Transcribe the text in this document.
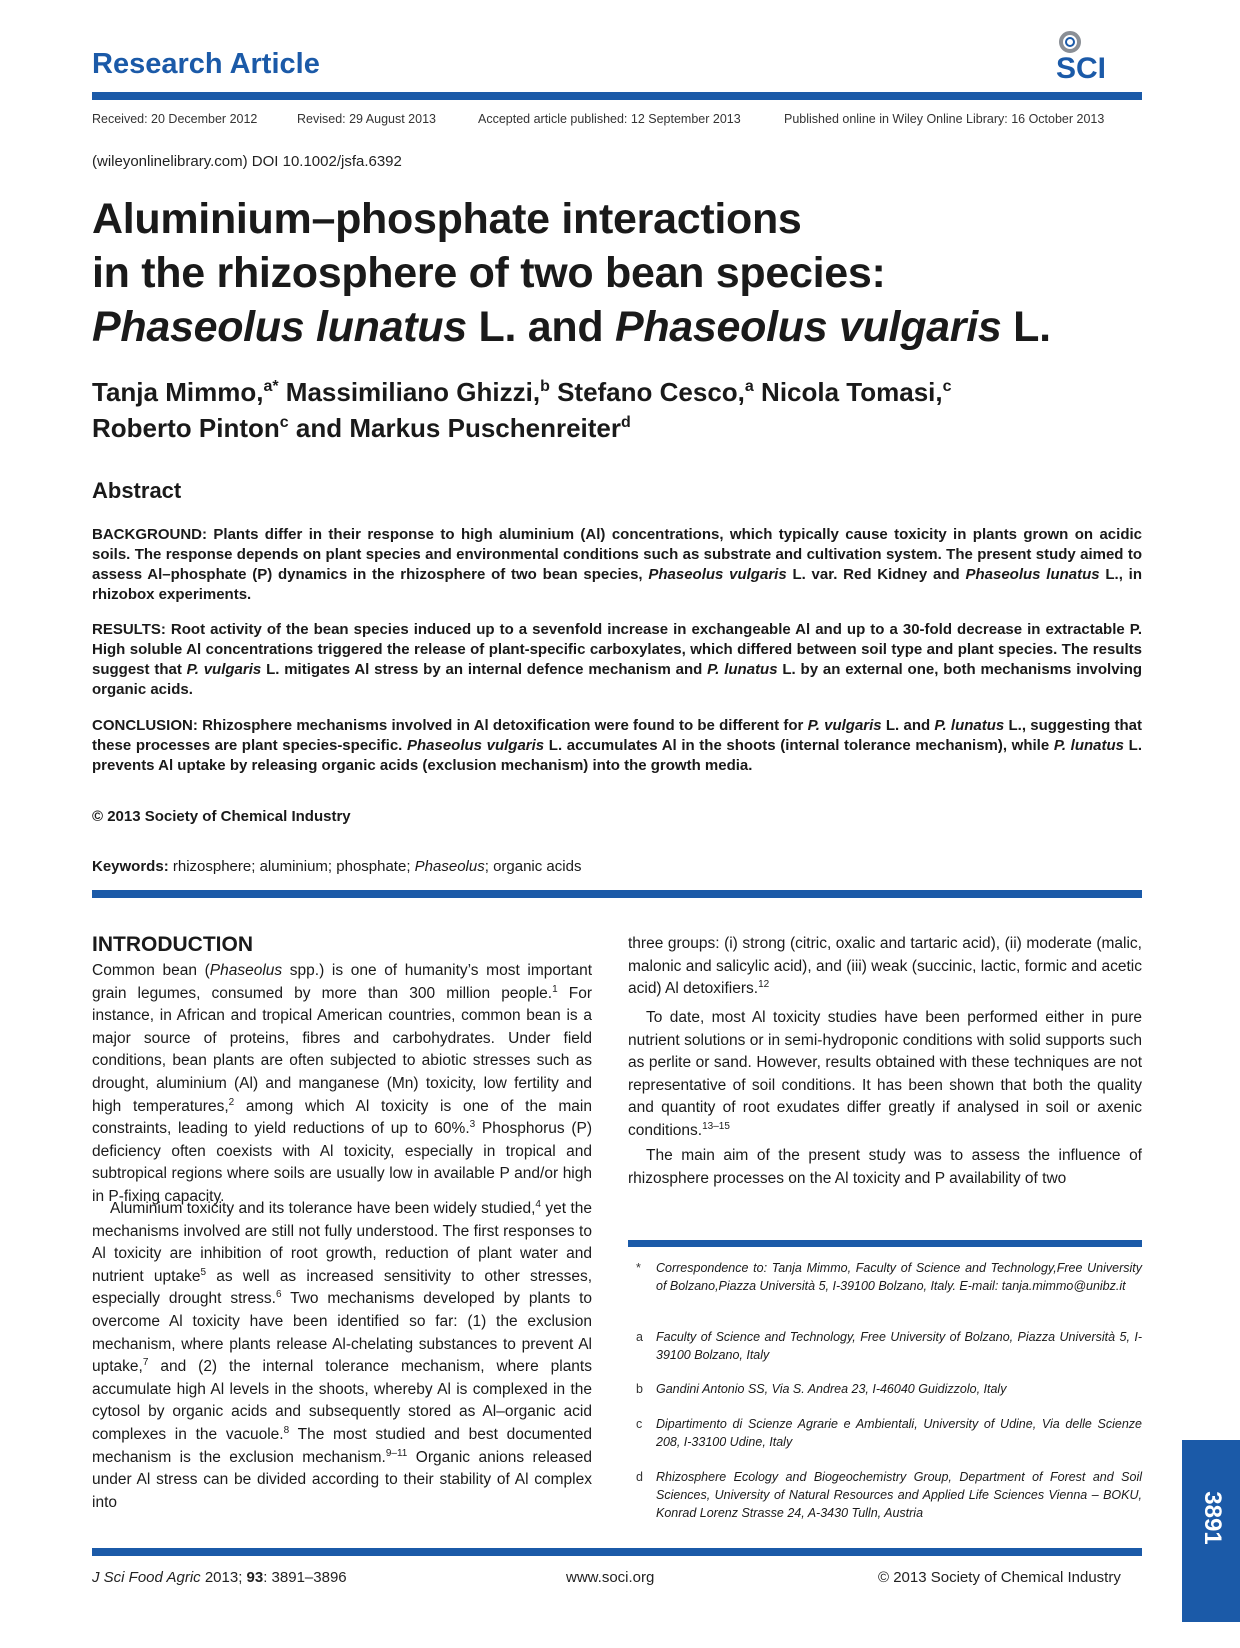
Research Article	SCI
Received: 20 December 2012	Revised: 29 August 2013	Accepted article published: 12 September 2013	Published online in Wiley Online Library: 16 October 2013
(wileyonlinelibrary.com) DOI 10.1002/jsfa.6392
Aluminium–phosphate interactions
in the rhizosphere of two bean species:
Phaseolus lunatus L. and Phaseolus vulgaris L.
Tanja Mimmo,$^{a*}$ Massimiliano Ghizzi,$^b$ Stefano Cesco,$^a$ Nicola Tomasi,$^c$
Roberto Pinton$^c$ and Markus Puschenreiter$^d$
Abstract
BACKGROUND: Plants differ in their response to high aluminium (Al) concentrations, which typically cause toxicity in plants grown on acidic soils. The response depends on plant species and environmental conditions such as substrate and cultivation system. The present study aimed to assess Al–phosphate (P) dynamics in the rhizosphere of two bean species, Phaseolus vulgaris L. var. Red Kidney and Phaseolus lunatus L., in rhizobox experiments.
RESULTS: Root activity of the bean species induced up to a sevenfold increase in exchangeable Al and up to a 30-fold decrease in extractable P. High soluble Al concentrations triggered the release of plant-specific carboxylates, which differed between soil type and plant species. The results suggest that P. vulgaris L. mitigates Al stress by an internal defence mechanism and P. lunatus L. by an external one, both mechanisms involving organic acids.
CONCLUSION: Rhizosphere mechanisms involved in Al detoxification were found to be different for P. vulgaris L. and P. lunatus L., suggesting that these processes are plant species-specific. Phaseolus vulgaris L. accumulates Al in the shoots (internal tolerance mechanism), while P. lunatus L. prevents Al uptake by releasing organic acids (exclusion mechanism) into the growth media.
© 2013 Society of Chemical Industry
Keywords: rhizosphere; aluminium; phosphate; Phaseolus; organic acids
INTRODUCTION
Common bean (Phaseolus spp.) is one of humanity’s most important grain legumes, consumed by more than 300 million people.$^1$ For instance, in African and tropical American countries, common bean is a major source of proteins, fibres and carbohydrates. Under field conditions, bean plants are often subjected to abiotic stresses such as drought, aluminium (Al) and manganese (Mn) toxicity, low fertility and high temperatures,$^2$ among which Al toxicity is one of the main constraints, leading to yield reductions of up to 60%.$^3$ Phosphorus (P) deficiency often coexists with Al toxicity, especially in tropical and subtropical regions where soils are usually low in available P and/or high in P-fixing capacity.
Aluminium toxicity and its tolerance have been widely studied,$^4$ yet the mechanisms involved are still not fully understood. The first responses to Al toxicity are inhibition of root growth, reduction of plant water and nutrient uptake$^5$ as well as increased sensitivity to other stresses, especially drought stress.$^6$ Two mechanisms developed by plants to overcome Al toxicity have been identified so far: (1) the exclusion mechanism, where plants release Al-chelating substances to prevent Al uptake,$^7$ and (2) the internal tolerance mechanism, where plants accumulate high Al levels in the shoots, whereby Al is complexed in the cytosol by organic acids and subsequently stored as Al–organic acid complexes in the vacuole.$^8$ The most studied and best documented mechanism is the exclusion mechanism.$^{9-11}$ Organic anions released under Al stress can be divided according to their stability of Al complex into
three groups: (i) strong (citric, oxalic and tartaric acid), (ii) moderate (malic, malonic and salicylic acid), and (iii) weak (succinic, lactic, formic and acetic acid) Al detoxifiers.$^{12}$
To date, most Al toxicity studies have been performed either in pure nutrient solutions or in semi-hydroponic conditions with solid supports such as perlite or sand. However, results obtained with these techniques are not representative of soil conditions. It has been shown that both the quality and quantity of root exudates differ greatly if analysed in soil or axenic conditions.$^{13-15}$
The main aim of the present study was to assess the influence of rhizosphere processes on the Al toxicity and P availability of two
* Correspondence to: Tanja Mimmo, Faculty of Science and Technology,Free University of Bolzano,Piazza Università 5, I-39100 Bolzano, Italy. E-mail: tanja.mimmo@unibz.it
a Faculty of Science and Technology, Free University of Bolzano, Piazza Università 5, I-39100 Bolzano, Italy
b Gandini Antonio SS, Via S. Andrea 23, I-46040 Guidizzolo, Italy
c Dipartimento di Scienze Agrarie e Ambientali, University of Udine, Via delle Scienze 208, I-33100 Udine, Italy
d Rhizosphere Ecology and Biogeochemistry Group, Department of Forest and Soil Sciences, University of Natural Resources and Applied Life Sciences Vienna – BOKU, Konrad Lorenz Strasse 24, A-3430 Tulln, Austria	3891
J Sci Food Agric 2013; 93: 3891–3896	www.soci.org	© 2013 Society of Chemical Industry
